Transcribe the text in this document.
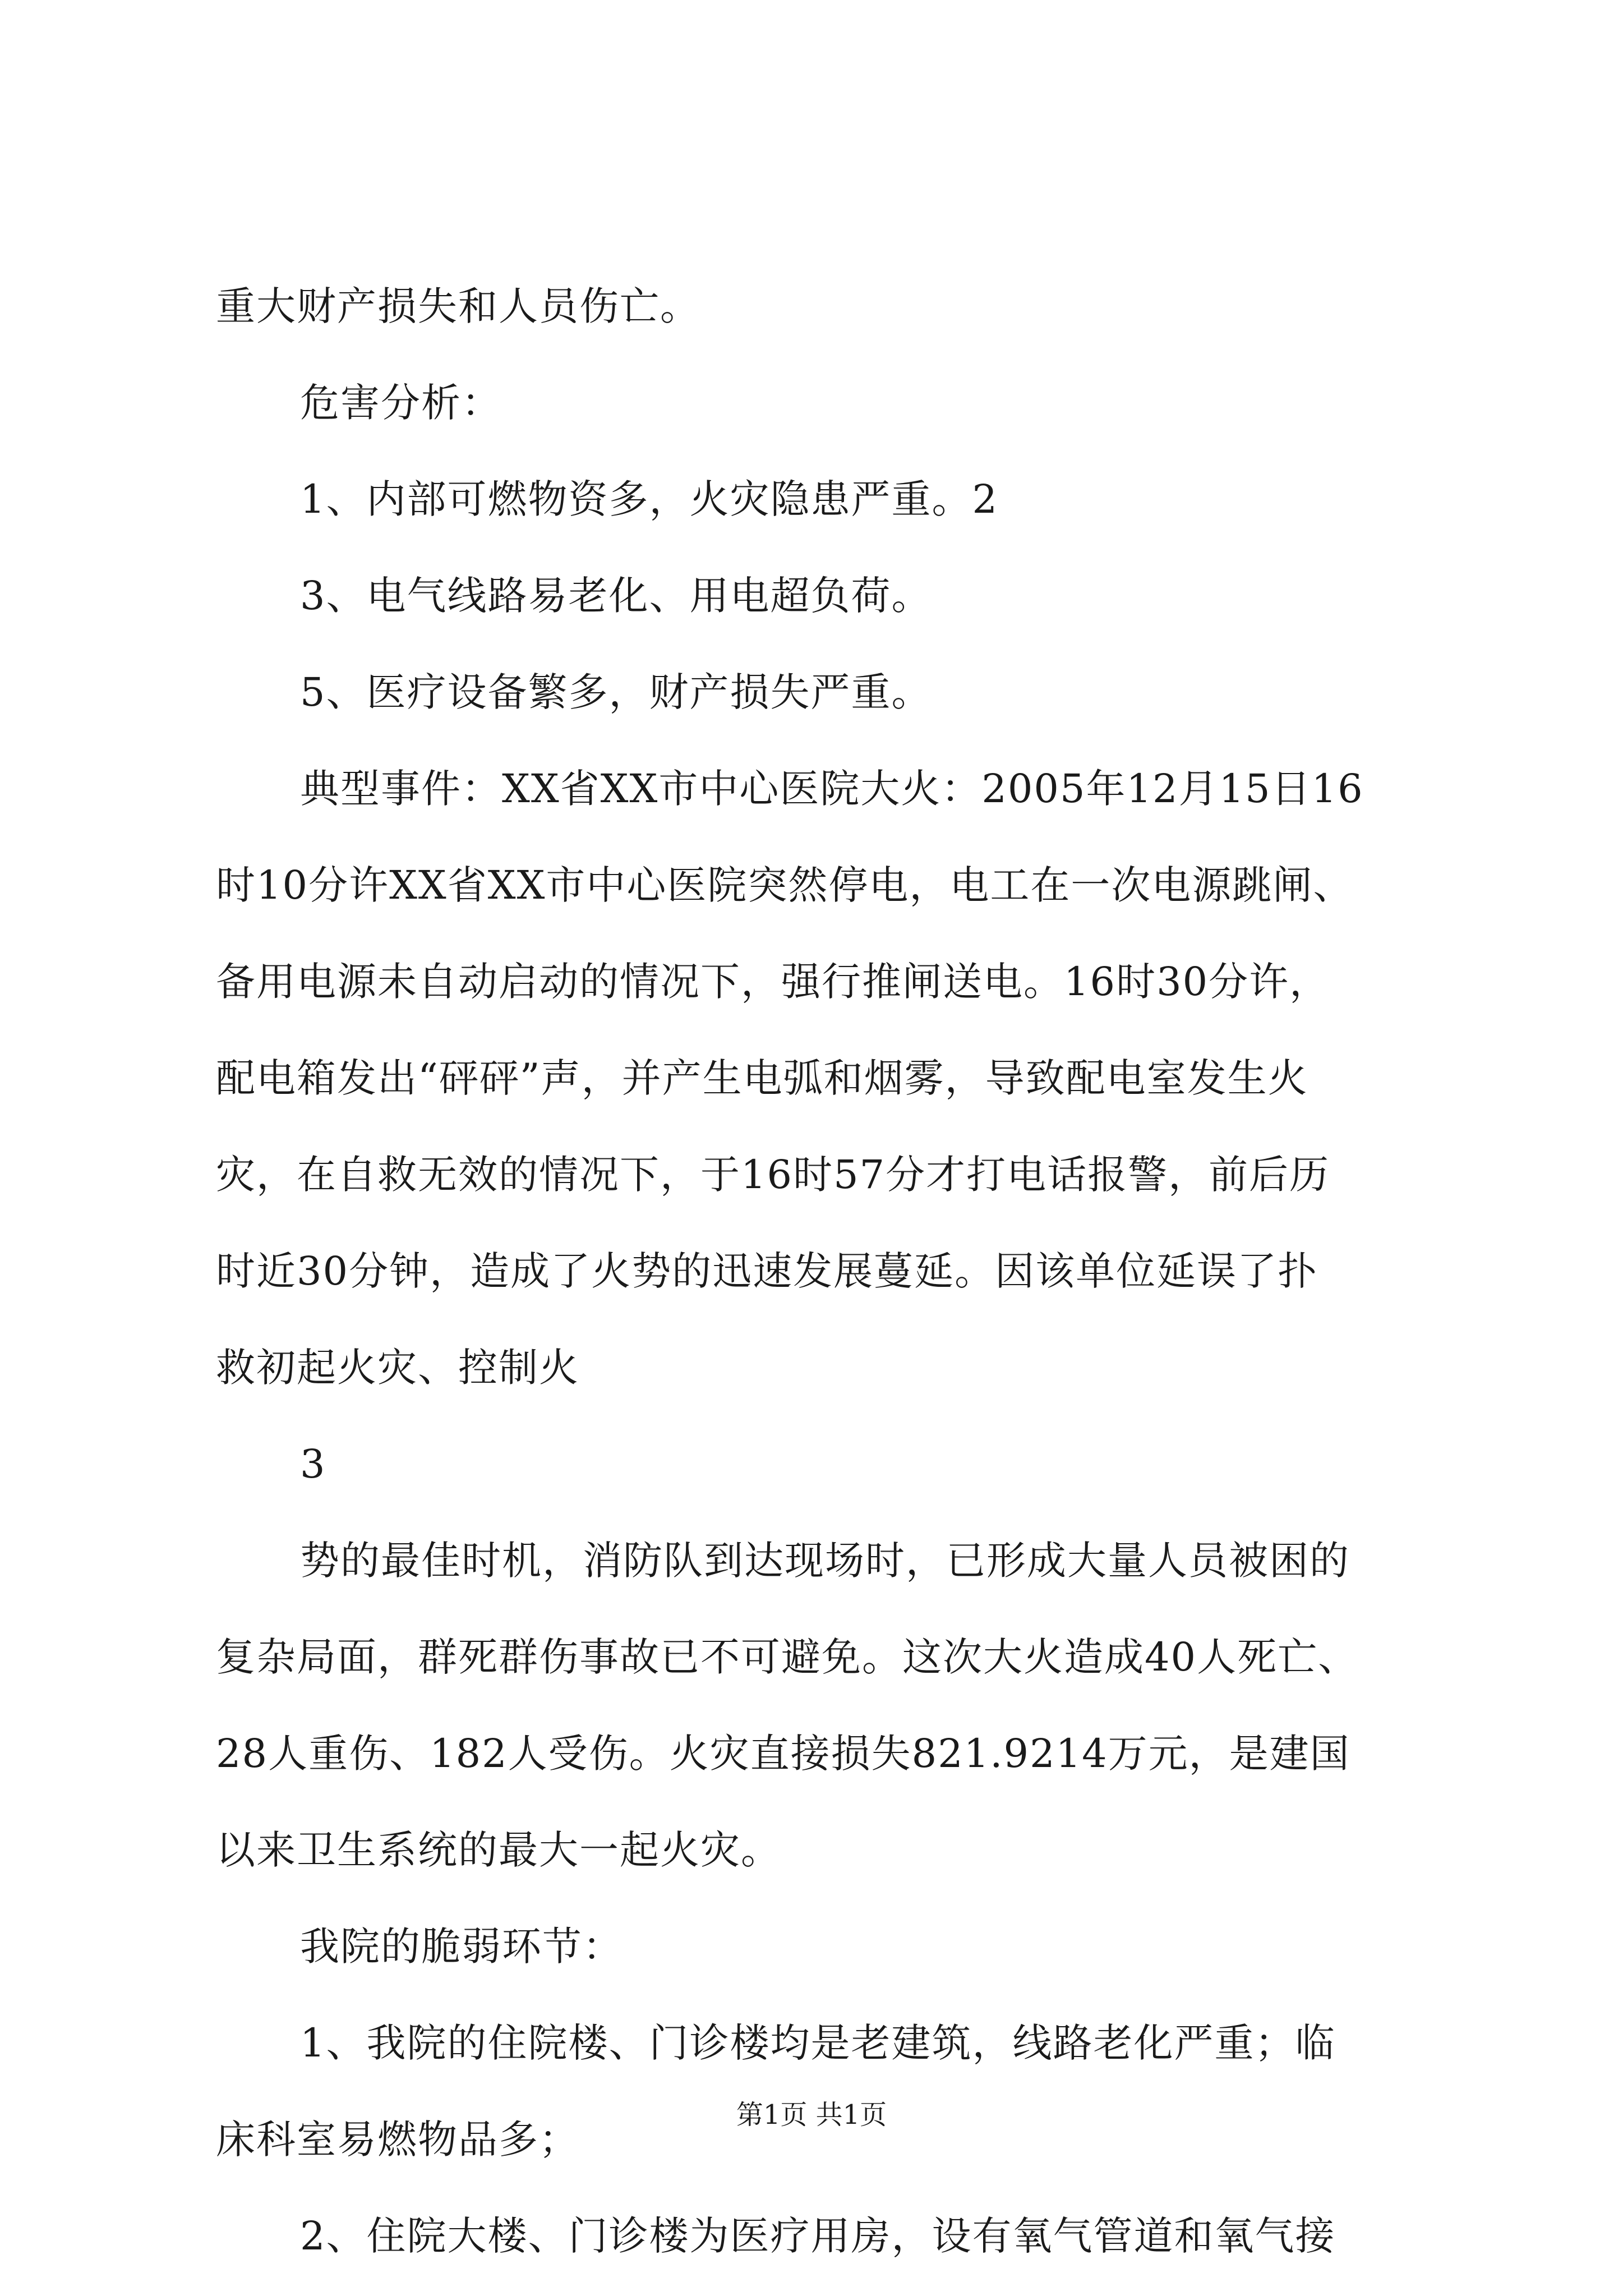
重大财产损失和人员伤亡。
危害分析：
1、内部可燃物资多，火灾隐患严重。2
3、电气线路易老化、用电超负荷。
5、医疗设备繁多，财产损失严重。
典型事件：XX省XX市中心医院大火：2005年12月15日16
时10分许XX省XX市中心医院突然停电，电工在一次电源跳闸、
备用电源未自动启动的情况下，强行推闸送电。16时30分许，
配电箱发出“砰砰”声，并产生电弧和烟雾，导致配电室发生火
灾，在自救无效的情况下，于16时57分才打电话报警，前后历
时近30分钟，造成了火势的迅速发展蔓延。因该单位延误了扑
救初起火灾、控制火
3
势的最佳时机，消防队到达现场时，已形成大量人员被困的
复杂局面，群死群伤事故已不可避免。这次大火造成40人死亡、
28人重伤、182人受伤。火灾直接损失821.9214万元，是建国
以来卫生系统的最大一起火灾。
我院的脆弱环节：
1、我院的住院楼、门诊楼均是老建筑，线路老化严重；临
床科室易燃物品多；
2、住院大楼、门诊楼为医疗用房，设有氧气管道和氧气接
第1页 共1页
